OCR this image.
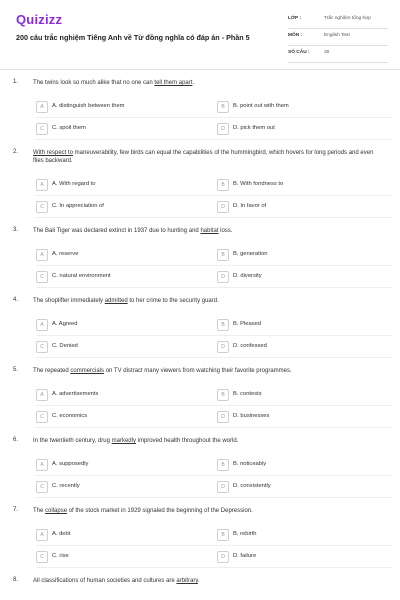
Quizizz
200 câu trắc nghiệm Tiếng Anh về Từ đồng nghĩa có đáp án - Phần 5
LỚP :	Trắc nghiệm tổng hợp
MÔN :	English Test
SỐ CÂU :	30
1. The twins look so much alike that no one can tell them apart.
A	A. distinguish between them	B	B. point out with them
C	C. spoil them	D	D. pick them out
2. With respect to maneuverability, few birds can equal the capabilities of the hummingbird, which hovers for long periods and even flies backward.
A	A. With regard to	B	B. With fondness to
C	C. In appreciation of	D	D. In favor of
3. The Bali Tiger was declared extinct in 1937 due to hunting and habitat loss.
A	A. reserve	B	B. generation
C	C. natural environment	D	D. diversity
4. The shoplifter immediately admitted to her crime to the security guard.
A	A. Agreed	B	B. Pleased
C	C. Denied	D	D. confessed
5. The repeated commercials on TV distract many viewers from watching their favorite programmes.
A	A. advertisements	B	B. contests
C	C. economics	D	D. businesses
6. In the twentieth century, drug markedly improved health throughout the world.
A	A. supposedly	B	B. noticeably
C	C. recently	D	D. consistently
7. The collapse of the stock market in 1929 signaled the beginning of the Depression.
A	A. debt	B	B. rebirth
C	C. rise	D	D. failure
8. All classifications of human societies and cultures are arbitrary.
